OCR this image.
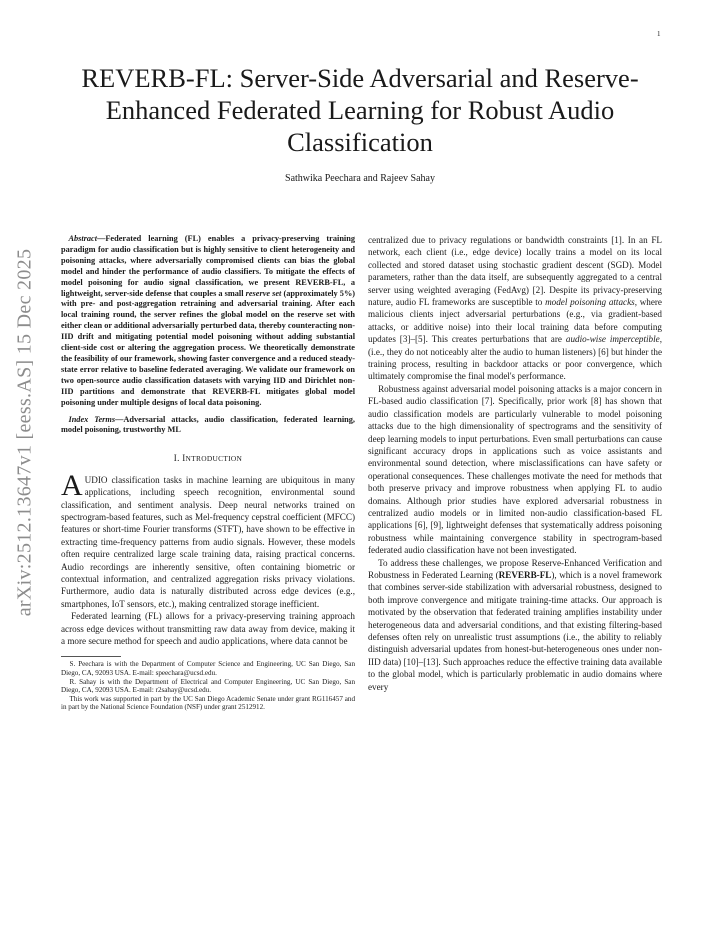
1
arXiv:2512.13647v1 [eess.AS] 15 Dec 2025
REVERB-FL: Server-Side Adversarial and Reserve-Enhanced Federated Learning for Robust Audio Classification
Sathwika Peechara and Rajeev Sahay

Abstract—Federated learning (FL) enables a privacy-preserving training paradigm for audio classification but is highly sensitive to client heterogeneity and poisoning attacks, where adversarially compromised clients can bias the global model and hinder the performance of audio classifiers. To mitigate the effects of model poisoning for audio signal classification, we present REVERB-FL, a lightweight, server-side defense that couples a small reserve set (approximately 5%) with pre- and post-aggregation retraining and adversarial training. After each local training round, the server refines the global model on the reserve set with either clean or additional adversarially perturbed data, thereby counteracting non-IID drift and mitigating potential model poisoning without adding substantial client-side cost or altering the aggregation process. We theoretically demonstrate the feasibility of our framework, showing faster convergence and a reduced steady-state error relative to baseline federated averaging. We validate our framework on two open-source audio classification datasets with varying IID and Dirichlet non-IID partitions and demonstrate that REVERB-FL mitigates global model poisoning under multiple designs of local data poisoning.

Index Terms—Adversarial attacks, audio classification, federated learning, model poisoning, trustworthy ML

I. INTRODUCTION

AUDIO classification tasks in machine learning are ubiquitous in many applications, including speech recognition, environmental sound classification, and sentiment analysis. Deep neural networks trained on spectrogram-based features, such as Mel-frequency cepstral coefficient (MFCC) features or short-time Fourier transforms (STFT), have shown to be effective in extracting time-frequency patterns from audio signals. However, these models often require centralized large scale training data, raising practical concerns. Audio recordings are inherently sensitive, often containing biometric or contextual information, and centralized aggregation risks privacy violations. Furthermore, audio data is naturally distributed across edge devices (e.g., smartphones, IoT sensors, etc.), making centralized storage inefficient.

Federated learning (FL) allows for a privacy-preserving training approach across edge devices without transmitting raw data away from device, making it a more secure method for speech and audio applications, where data cannot be

S. Peechara is with the Department of Computer Science and Engineering, UC San Diego, San Diego, CA, 92093 USA. E-mail: speechara@ucsd.edu.

R. Sahay is with the Department of Electrical and Computer Engineering, UC San Diego, San Diego, CA, 92093 USA. E-mail: r2sahay@ucsd.edu.

This work was supported in part by the UC San Diego Academic Senate under grant RG116457 and in part by the National Science Foundation (NSF) under grant 2512912.

centralized due to privacy regulations or bandwidth constraints [1]. In an FL network, each client (i.e., edge device) locally trains a model on its local collected and stored dataset using stochastic gradient descent (SGD). Model parameters, rather than the data itself, are subsequently aggregated to a central server using weighted averaging (FedAvg) [2]. Despite its privacy-preserving nature, audio FL frameworks are susceptible to model poisoning attacks, where malicious clients inject adversarial perturbations (e.g., via gradient-based attacks, or additive noise) into their local training data before computing updates [3]–[5]. This creates perturbations that are audio-wise imperceptible, (i.e., they do not noticeably alter the audio to human listeners) [6] but hinder the training process, resulting in backdoor attacks or poor convergence, which ultimately compromise the final model's performance.

Robustness against adversarial model poisoning attacks is a major concern in FL-based audio classification [7]. Specifically, prior work [8] has shown that audio classification models are particularly vulnerable to model poisoning attacks due to the high dimensionality of spectrograms and the sensitivity of deep learning models to input perturbations. Even small perturbations can cause significant accuracy drops in applications such as voice assistants and environmental sound detection, where misclassifications can have safety or operational consequences. These challenges motivate the need for methods that both preserve privacy and improve robustness when applying FL to audio domains. Although prior studies have explored adversarial robustness in centralized audio models or in limited non-audio classification-based FL applications [6], [9], lightweight defenses that systematically address poisoning robustness while maintaining convergence stability in spectrogram-based federated audio classification have not been investigated.

To address these challenges, we propose Reserve-Enhanced Verification and Robustness in Federated Learning (REVERB-FL), which is a novel framework that combines server-side stabilization with adversarial robustness, designed to both improve convergence and mitigate training-time attacks. Our approach is motivated by the observation that federated training amplifies instability under heterogeneous data and adversarial conditions, and that existing filtering-based defenses often rely on unrealistic trust assumptions (i.e., the ability to reliably distinguish adversarial updates from honest-but-heterogeneous ones under non-IID data) [10]–[13]. Such approaches reduce the effective training data available to the global model, which is particularly problematic in audio domains where every
